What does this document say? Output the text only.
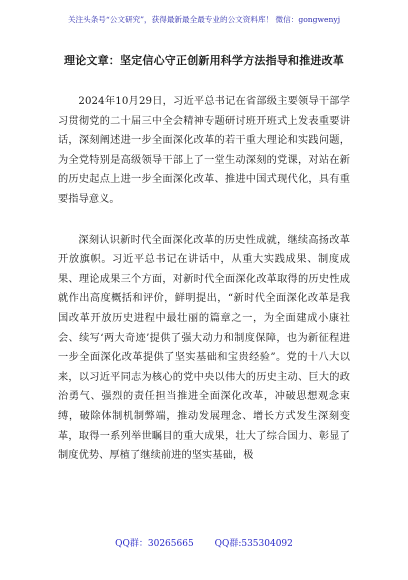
关注头条号“公文研究”，获得最新最全最专业的公文资料库！ 微信：gongwenyj
理论文章：坚定信心守正创新用科学方法指导和推进改革

2024年10月29日，习近平总书记在省部级主要领导干部学习贯彻党的二十届三中全会精神专题研讨班开班式上发表重要讲话，深刻阐述进一步全面深化改革的若干重大理论和实践问题，为全党特别是高级领导干部上了一堂生动深刻的党课，对站在新的历史起点上进一步全面深化改革、推进中国式现代化，具有重要指导意义。

深刻认识新时代全面深化改革的历史性成就，继续高扬改革开放旗帜。习近平总书记在讲话中，从重大实践成果、制度成果、理论成果三个方面，对新时代全面深化改革取得的历史性成就作出高度概括和评价，鲜明提出，“新时代全面深化改革是我国改革开放历史进程中最壮丽的篇章之一，为全面建成小康社会、续写‘两大奇迹’提供了强大动力和制度保障，也为新征程进一步全面深化改革提供了坚实基础和宝贵经验”。党的十八大以来，以习近平同志为核心的党中央以伟大的历史主动、巨大的政治勇气、强烈的责任担当推进全面深化改革，冲破思想观念束缚，破除体制机制弊端，推动发展理念、增长方式发生深刻变革，取得一系列举世瞩目的重大成果，壮大了综合国力、彰显了制度优势、厚植了继续前进的坚实基础，极

QQ群：30265665 QQ群:535304092
